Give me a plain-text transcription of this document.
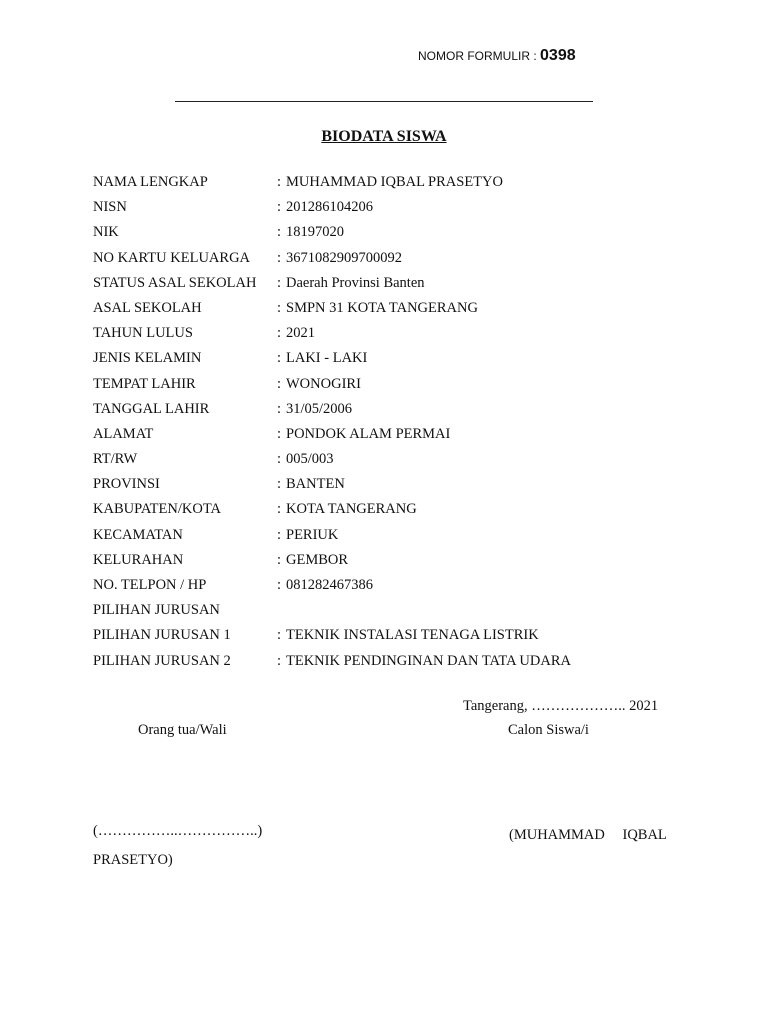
NOMOR FORMULIR : 0398
BIODATA SISWA
NAMA LENGKAP	: MUHAMMAD IQBAL PRASETYO
NISN	: 201286104206
NIK	: 18197020
NO KARTU KELUARGA : 3671082909700092
STATUS ASAL SEKOLAH : Daerah Provinsi Banten
ASAL SEKOLAH	: SMPN 31 KOTA TANGERANG
TAHUN LULUS	: 2021
JENIS KELAMIN	: LAKI - LAKI
TEMPAT LAHIR	: WONOGIRI
TANGGAL LAHIR	: 31/05/2006
ALAMAT	: PONDOK ALAM PERMAI
RT/RW	: 005/003
PROVINSI	: BANTEN
KABUPATEN/KOTA	: KOTA TANGERANG
KECAMATAN	: PERIUK
KELURAHAN	: GEMBOR
NO. TELPON / HP	: 081282467386
PILIHAN JURUSAN
PILIHAN JURUSAN 1	: TEKNIK INSTALASI TENAGA LISTRIK
PILIHAN JURUSAN 2	: TEKNIK PENDINGINAN DAN TATA UDARA
Tangerang, ……………….. 2021
Orang tua/Wali	Calon Siswa/i
(……………..……………..)	(MUHAMMAD IQBAL
PRASETYO)
